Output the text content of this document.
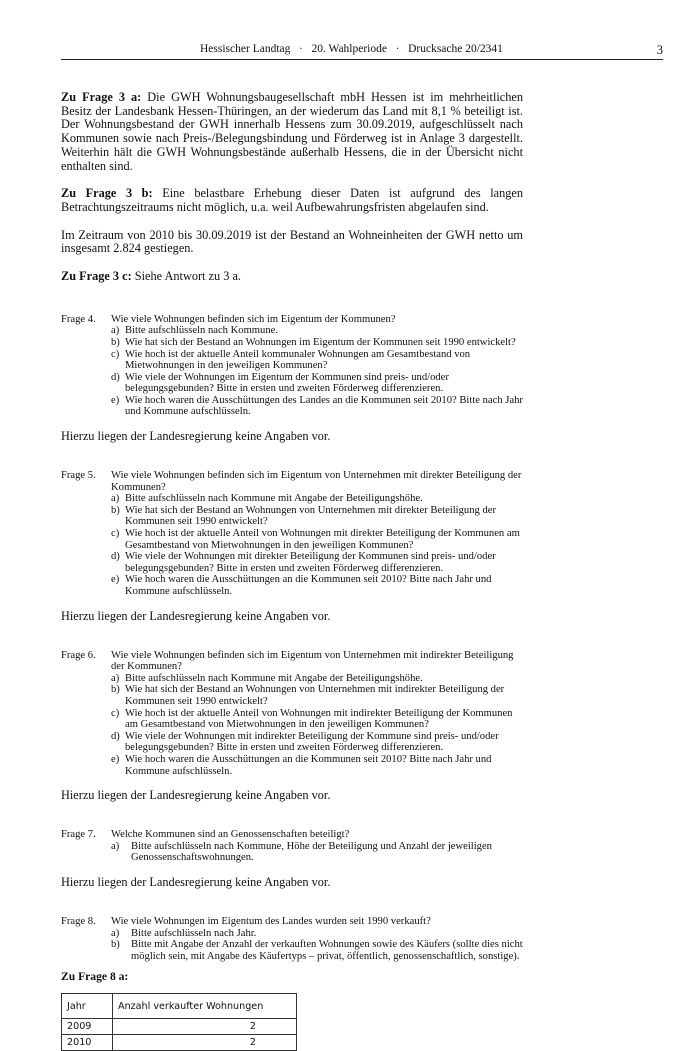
Hessischer Landtag · 20. Wahlperiode · Drucksache 20/2341	3

Zu Frage 3 a: Die GWH Wohnungsbaugesellschaft mbH Hessen ist im mehrheitlichen Besitz der Landesbank Hessen-Thüringen, an der wiederum das Land mit 8,1 % beteiligt ist. Der Wohnungsbestand der GWH innerhalb Hessens zum 30.09.2019, aufgeschlüsselt nach Kommunen sowie nach Preis-/Belegungsbindung und Förderweg ist in Anlage 3 dargestellt. Weiterhin hält die GWH Wohnungsbestände außerhalb Hessens, die in der Übersicht nicht enthalten sind.

Zu Frage 3 b: Eine belastbare Erhebung dieser Daten ist aufgrund des langen Betrachtungszeitraums nicht möglich, u.a. weil Aufbewahrungsfristen abgelaufen sind.

Im Zeitraum von 2010 bis 30.09.2019 ist der Bestand an Wohneinheiten der GWH netto um insgesamt 2.824 gestiegen.

Zu Frage 3 c: Siehe Antwort zu 3 a.

Frage 4.	Wie viele Wohnungen befinden sich im Eigentum der Kommunen?
a) Bitte aufschlüsseln nach Kommune.
b) Wie hat sich der Bestand an Wohnungen im Eigentum der Kommunen seit 1990 entwickelt?
c) Wie hoch ist der aktuelle Anteil kommunaler Wohnungen am Gesamtbestand von Mietwohnungen in den jeweiligen Kommunen?
d) Wie viele der Wohnungen im Eigentum der Kommunen sind preis- und/oder belegungsgebunden? Bitte in ersten und zweiten Förderweg differenzieren.
e) Wie hoch waren die Ausschüttungen des Landes an die Kommunen seit 2010? Bitte nach Jahr und Kommune aufschlüsseln.

Hierzu liegen der Landesregierung keine Angaben vor.

Frage 5.	Wie viele Wohnungen befinden sich im Eigentum von Unternehmen mit direkter Beteiligung der Kommunen?
a) Bitte aufschlüsseln nach Kommune mit Angabe der Beteiligungshöhe.
b) Wie hat sich der Bestand an Wohnungen von Unternehmen mit direkter Beteiligung der Kommunen seit 1990 entwickelt?
c) Wie hoch ist der aktuelle Anteil von Wohnungen mit direkter Beteiligung der Kommunen am Gesamtbestand von Mietwohnungen in den jeweiligen Kommunen?
d) Wie viele der Wohnungen mit direkter Beteiligung der Kommunen sind preis- und/oder belegungsgebunden? Bitte in ersten und zweiten Förderweg differenzieren.
e) Wie hoch waren die Ausschüttungen an die Kommunen seit 2010? Bitte nach Jahr und Kommune aufschlüsseln.

Hierzu liegen der Landesregierung keine Angaben vor.

Frage 6.	Wie viele Wohnungen befinden sich im Eigentum von Unternehmen mit indirekter Beteiligung der Kommunen?
a) Bitte aufschlüsseln nach Kommune mit Angabe der Beteiligungshöhe.
b) Wie hat sich der Bestand an Wohnungen von Unternehmen mit indirekter Beteiligung der Kommunen seit 1990 entwickelt?
c) Wie hoch ist der aktuelle Anteil von Wohnungen mit indirekter Beteiligung der Kommunen am Gesamtbestand von Mietwohnungen in den jeweiligen Kommunen?
d) Wie viele der Wohnungen mit indirekter Beteiligung der Kommune sind preis- und/oder belegungsgebunden? Bitte in ersten und zweiten Förderweg differenzieren.
e) Wie hoch waren die Ausschüttungen an die Kommunen seit 2010? Bitte nach Jahr und Kommune aufschlüsseln.

Hierzu liegen der Landesregierung keine Angaben vor.

Frage 7.	Welche Kommunen sind an Genossenschaften beteiligt?
a)	Bitte aufschlüsseln nach Kommune, Höhe der Beteiligung und Anzahl der jeweiligen Genossenschaftswohnungen.

Hierzu liegen der Landesregierung keine Angaben vor.

Frage 8.	Wie viele Wohnungen im Eigentum des Landes wurden seit 1990 verkauft?
a)	Bitte aufschlüsseln nach Jahr.
b)	Bitte mit Angabe der Anzahl der verkauften Wohnungen sowie des Käufers (sollte dies nicht möglich sein, mit Angabe des Käufertyps – privat, öffentlich, genossenschaftlich, sonstige).
Zu Frage 8 a:
Jahr	Anzahl verkaufter Wohnungen
2009	2
2010	2
